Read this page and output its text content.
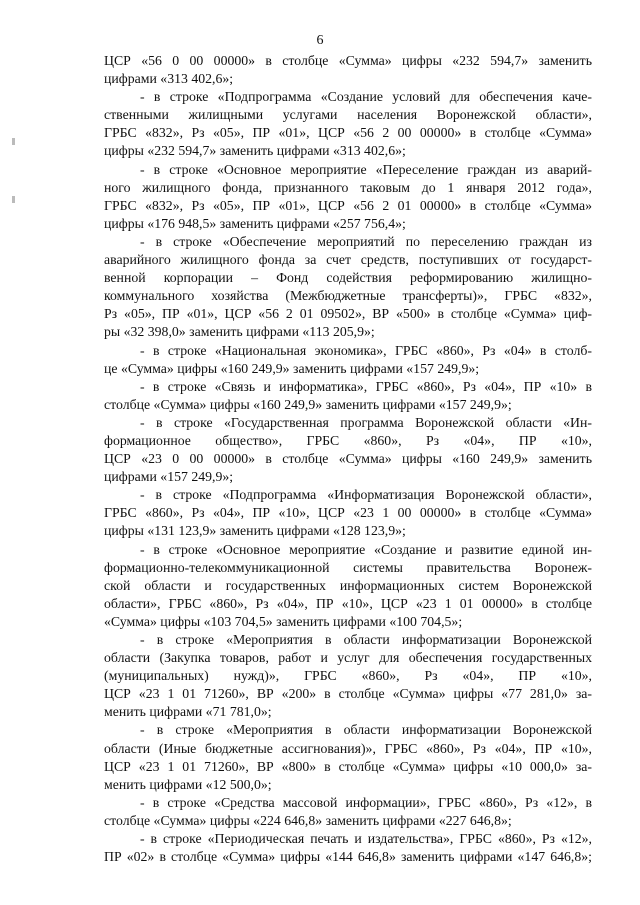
6
ЦСР «56 0 00 00000» в столбце «Сумма» цифры «232 594,7» заменить
цифрами «313 402,6»;
- в строке «Подпрограмма «Создание условий для обеспечения каче-
ственными жилищными услугами населения Воронежской области»,
ГРБС «832», Рз «05», ПР «01», ЦСР «56 2 00 00000» в столбце «Сумма»
цифры «232 594,7» заменить цифрами «313 402,6»;
- в строке «Основное мероприятие «Переселение граждан из аварий-
ного жилищного фонда, признанного таковым до 1 января 2012 года»,
ГРБС «832», Рз «05», ПР «01», ЦСР «56 2 01 00000» в столбце «Сумма»
цифры «176 948,5» заменить цифрами «257 756,4»;
- в строке «Обеспечение мероприятий по переселению граждан из
аварийного жилищного фонда за счет средств, поступивших от государст-
венной корпорации – Фонд содействия реформированию жилищно-
коммунального хозяйства (Межбюджетные трансферты)», ГРБС «832»,
Рз «05», ПР «01», ЦСР «56 2 01 09502», ВР «500» в столбце «Сумма» циф-
ры «32 398,0» заменить цифрами «113 205,9»;
- в строке «Национальная экономика», ГРБС «860», Рз «04» в столб-
це «Сумма» цифры «160 249,9» заменить цифрами «157 249,9»;
- в строке «Связь и информатика», ГРБС «860», Рз «04», ПР «10» в
столбце «Сумма» цифры «160 249,9» заменить цифрами «157 249,9»;
- в строке «Государственная программа Воронежской области «Ин-
формационное общество», ГРБС «860», Рз «04», ПР «10»,
ЦСР «23 0 00 00000» в столбце «Сумма» цифры «160 249,9» заменить
цифрами «157 249,9»;
- в строке «Подпрограмма «Информатизация Воронежской области»,
ГРБС «860», Рз «04», ПР «10», ЦСР «23 1 00 00000» в столбце «Сумма»
цифры «131 123,9» заменить цифрами «128 123,9»;
- в строке «Основное мероприятие «Создание и развитие единой ин-
формационно-телекоммуникационной системы правительства Воронеж-
ской области и государственных информационных систем Воронежской
области», ГРБС «860», Рз «04», ПР «10», ЦСР «23 1 01 00000» в столбце
«Сумма» цифры «103 704,5» заменить цифрами «100 704,5»;
- в строке «Мероприятия в области информатизации Воронежской
области (Закупка товаров, работ и услуг для обеспечения государственных
(муниципальных) нужд)», ГРБС «860», Рз «04», ПР «10»,
ЦСР «23 1 01 71260», ВР «200» в столбце «Сумма» цифры «77 281,0» за-
менить цифрами «71 781,0»;
- в строке «Мероприятия в области информатизации Воронежской
области (Иные бюджетные ассигнования)», ГРБС «860», Рз «04», ПР «10»,
ЦСР «23 1 01 71260», ВР «800» в столбце «Сумма» цифры «10 000,0» за-
менить цифрами «12 500,0»;
- в строке «Средства массовой информации», ГРБС «860», Рз «12», в
столбце «Сумма» цифры «224 646,8» заменить цифрами «227 646,8»;
- в строке «Периодическая печать и издательства», ГРБС «860», Рз «12»,
ПР «02» в столбце «Сумма» цифры «144 646,8» заменить цифрами «147 646,8»;
